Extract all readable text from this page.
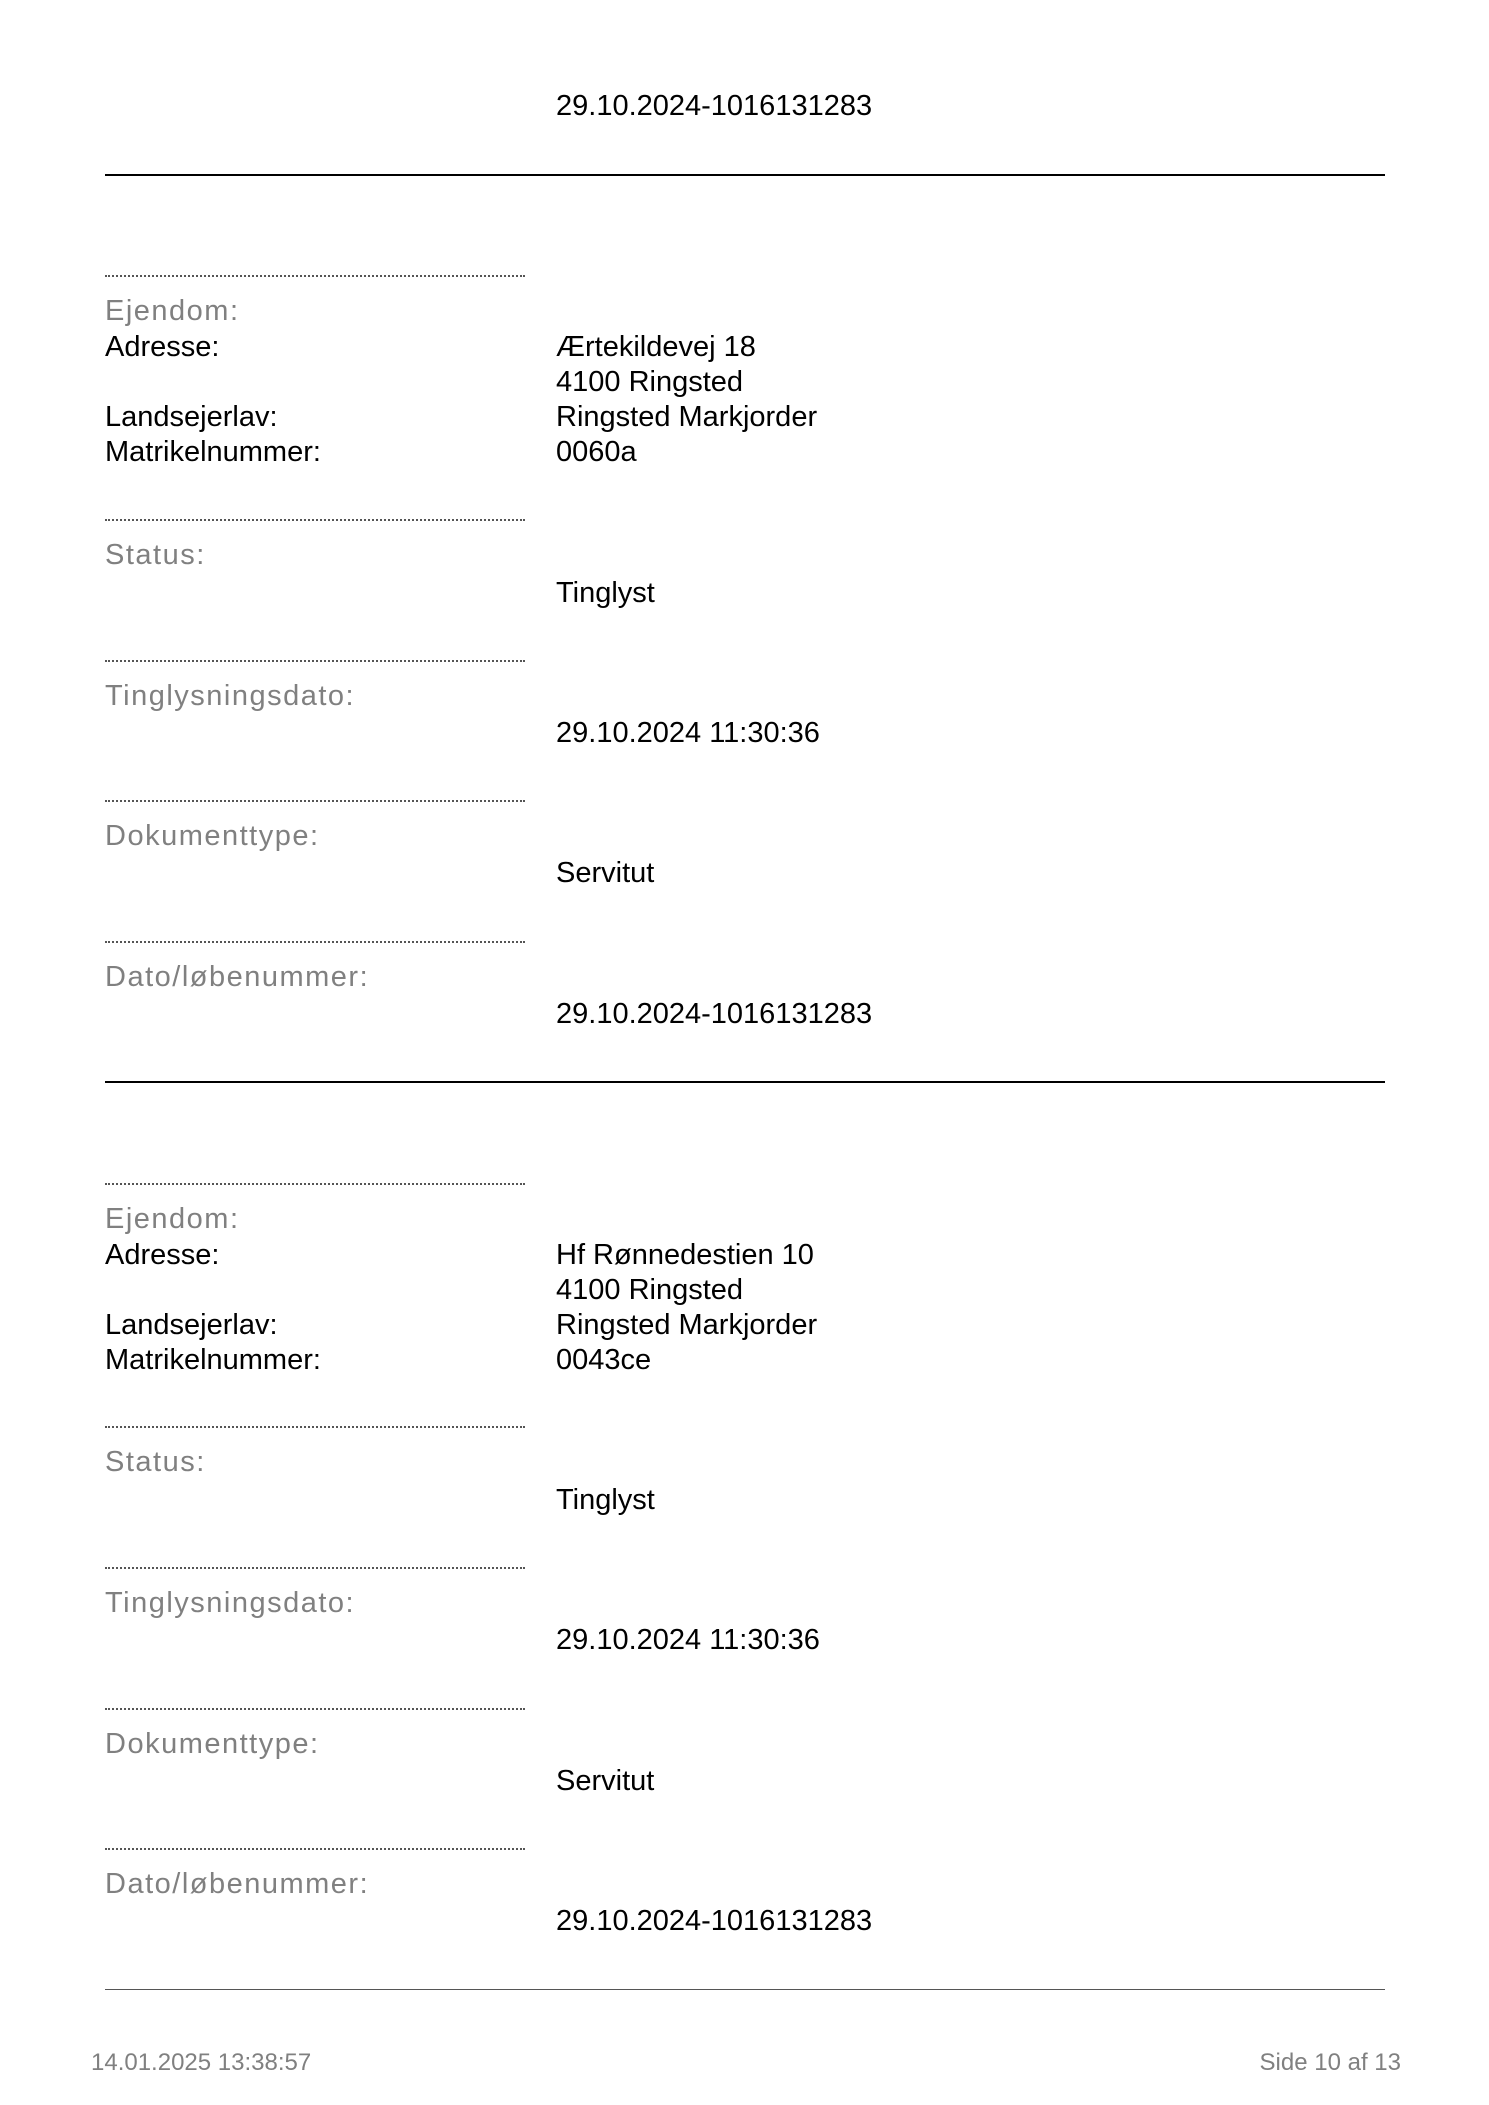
29.10.2024-1016131283
Ejendom:
Adresse:	Ærtekildevej 18
4100 Ringsted
Landsejerlav:	Ringsted Markjorder
Matrikelnummer:	0060a
Status:
Tinglyst
Tinglysningsdato:
29.10.2024 11:30:36
Dokumenttype:
Servitut
Dato/løbenummer:
29.10.2024-1016131283
Ejendom:
Adresse:	Hf Rønnedestien 10
4100 Ringsted
Landsejerlav:	Ringsted Markjorder
Matrikelnummer:	0043ce
Status:
Tinglyst
Tinglysningsdato:
29.10.2024 11:30:36
Dokumenttype:
Servitut
Dato/løbenummer:
29.10.2024-1016131283
14.01.2025 13:38:57	Side 10 af 13
